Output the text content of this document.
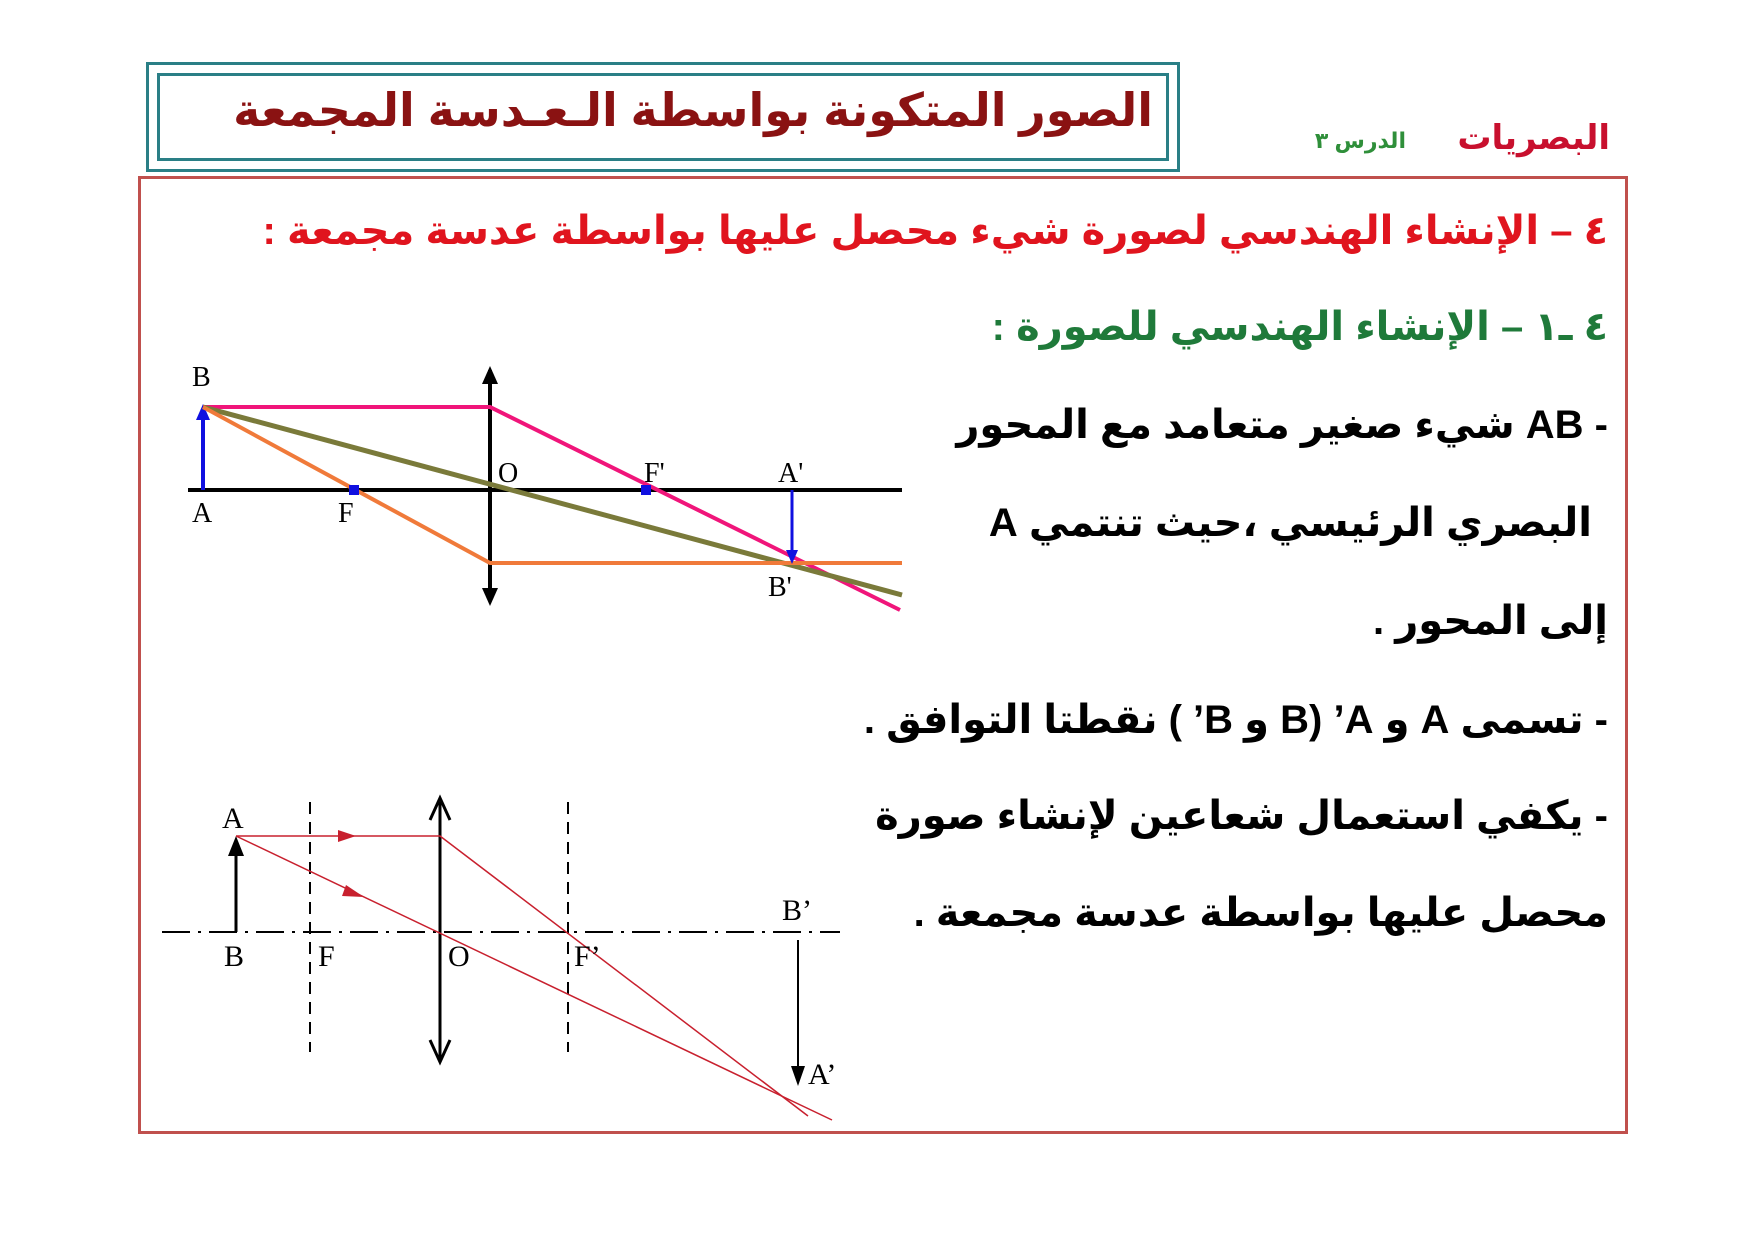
الصور المتكونة بواسطة الـعـدسة المجمعة
البصريات
الدرس ٣
٤ – الإنشاء الهندسي لصورة شيء محصل عليها بواسطة عدسة مجمعة :
٤ ـ١ – الإنشاء الهندسي للصورة :
- AB شيء صغير متعامد مع المحور
البصري الرئيسي ،حيث تنتمي A
إلى المحور .
- تسمى A و A’ (B و B’ ) نقطتا التوافق .
- يكفي استعمال شعاعين لإنشاء صورة
محصل عليها بواسطة عدسة مجمعة .
B
A	F
O	F'	A'
B'
A
B F	O	F’
B’
A’
